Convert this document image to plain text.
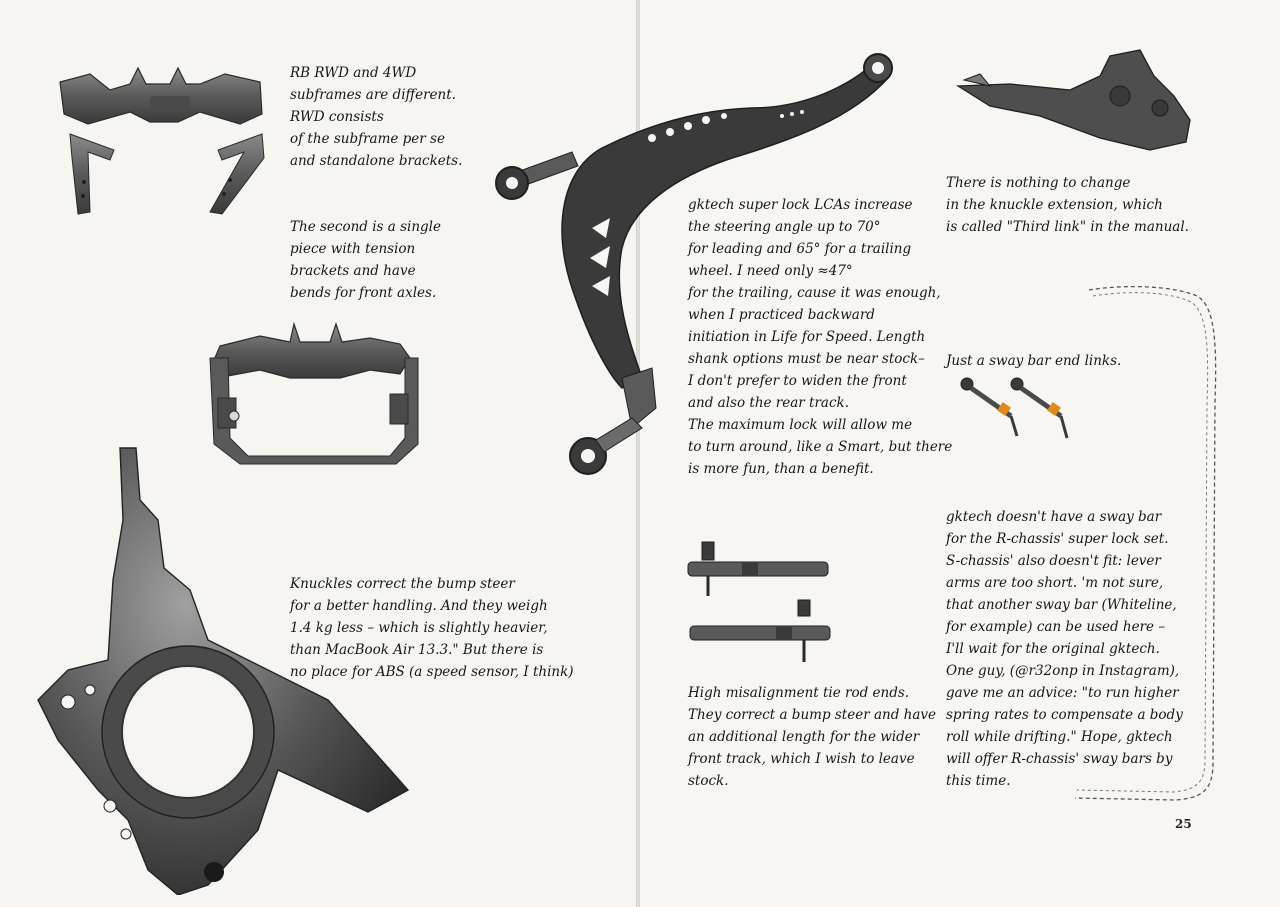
RB RWD and 4WD
subframes are different.
RWD consists
of the subframe per se
and standalone brackets.
The second is a single
piece with tension
brackets and have
bends for front axles.
Knuckles correct the bump steer
for a better handling. And they weigh
1.4 kg less – which is slightly heavier,
than MacBook Air 13.3." But there is
no place for ABS (a speed sensor, I think)
gktech super lock LCAs increase
the steering angle up to 70°
for leading and 65° for a trailing
wheel. I need only ≈47°
for the trailing, cause it was enough,
when I practiced backward
initiation in Life for Speed. Length
shank options must be near stock–
I don't prefer to widen the front
and also the rear track.
The maximum lock will allow me
to turn around, like a Smart, but there
is more fun, than a benefit.
There is nothing to change
in the knuckle extension, which
is called "Third link" in the manual.
Just a sway bar end links.
High misalignment tie rod ends.
They correct a bump steer and have
an additional length for the wider
front track, which I wish to leave
stock.
gktech doesn't have a sway bar
for the R-chassis' super lock set.
S-chassis' also doesn't fit: lever
arms are too short. 'm not sure,
that another sway bar (Whiteline,
for example) can be used here –
I'll wait for the original gktech.
One guy, (@r32onp in Instagram),
gave me an advice: "to run higher
spring rates to compensate a body
roll while drifting." Hope, gktech
will offer R-chassis' sway bars by
this time.
25
